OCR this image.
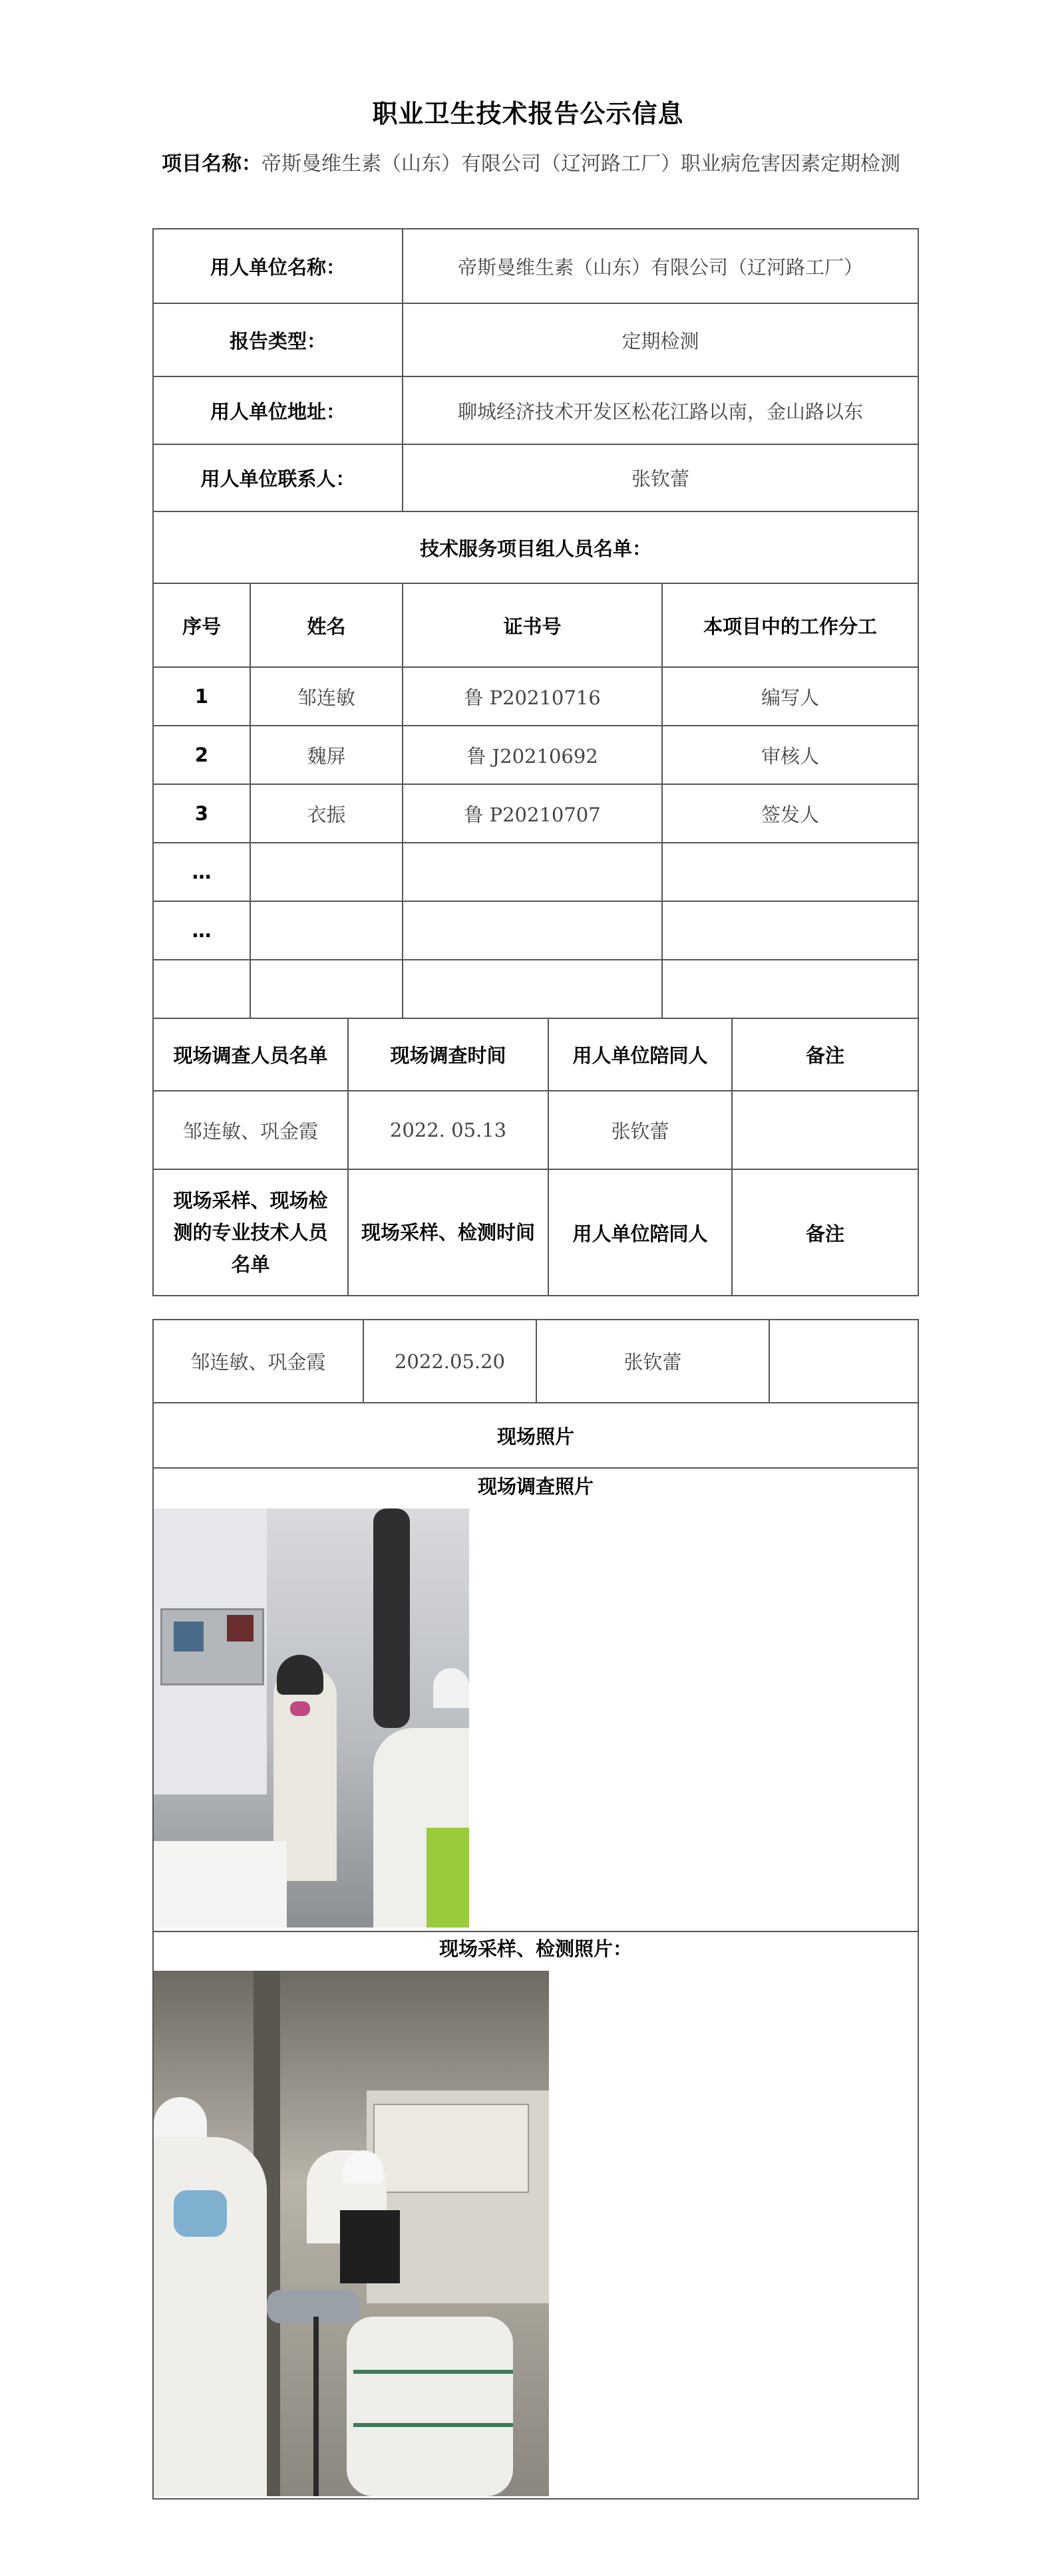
职业卫生技术报告公示信息
项目名称：帝斯曼维生素（山东）有限公司（辽河路工厂）职业病危害因素定期检测
用人单位名称：			帝斯曼维生素（山东）有限公司（辽河路工厂）			
报告类型：			定期检测			
用人单位地址：			聊城经济技术开发区松花江路以南，金山路以东			
用人单位联系人：			张钦蕾			
技术服务项目组人员名单：						
序号	姓名		证书号		本项目中的工作分工	
1	邹连敏		鲁 P20210716		编写人	
2	魏屏		鲁 J20210692		审核人	
3	衣振		鲁 P20210707		签发人	
…						
…						

现场调查人员名单		现场调查时间		用人单位陪同人		备注
邹连敏、巩金霞		2022. 05.13		张钦蕾		
现场采样、现场检测的专业技术人员名单		现场采样、检测时间		用人单位陪同人		备注
邹连敏、巩金霞	2022.05.20	张钦蕾	
现场照片

现场调查照片

现场采样、检测照片：
